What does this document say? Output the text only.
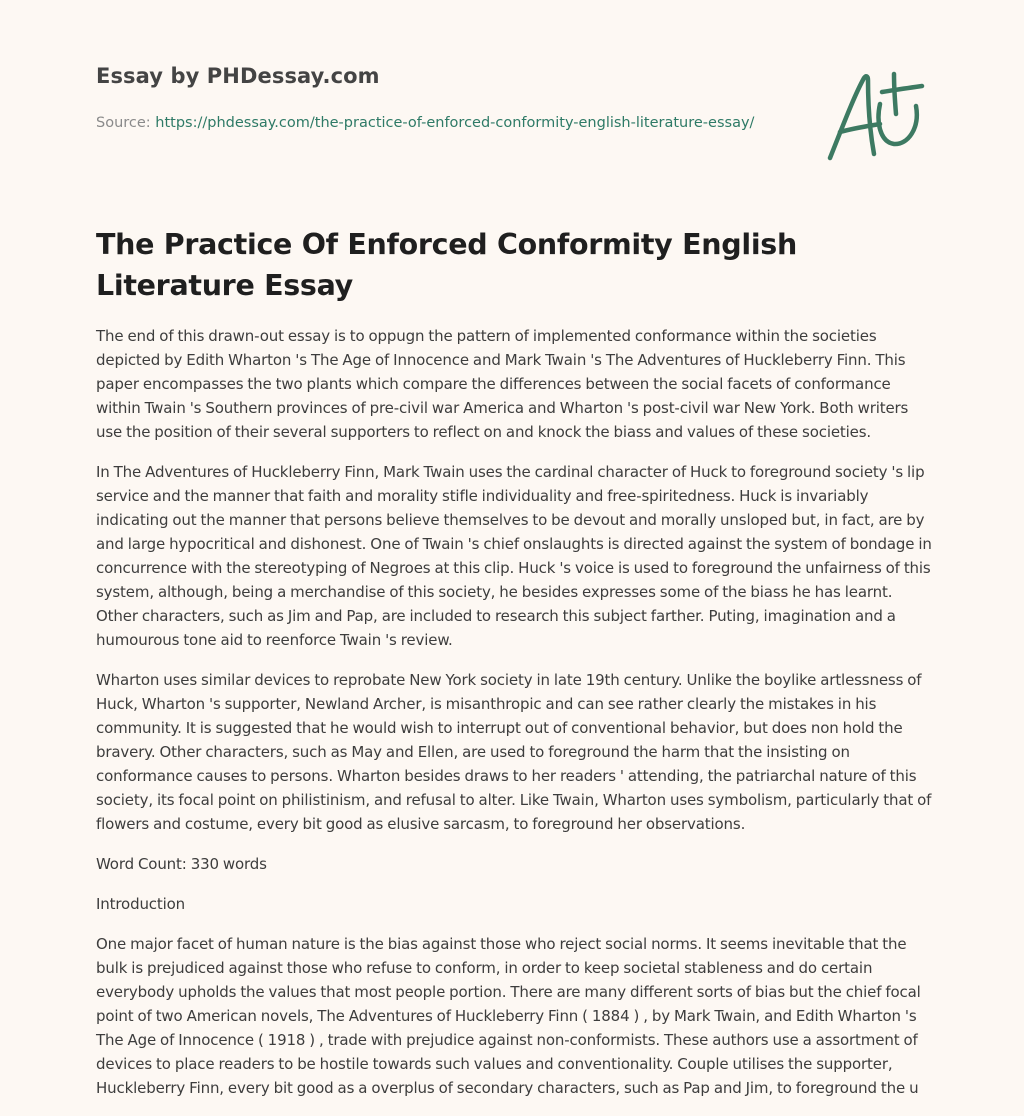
Essay by PHDessay.com
Source: https://phdessay.com/the-practice-of-enforced-conformity-english-literature-essay/
The Practice Of Enforced Conformity English Literature Essay

The end of this drawn-out essay is to oppugn the pattern of implemented conformance within the societies depicted by Edith Wharton 's The Age of Innocence and Mark Twain 's The Adventures of Huckleberry Finn. This paper encompasses the two plants which compare the differences between the social facets of conformance within Twain 's Southern provinces of pre-civil war America and Wharton 's post-civil war New York. Both writers use the position of their several supporters to reflect on and knock the biass and values of these societies.

In The Adventures of Huckleberry Finn, Mark Twain uses the cardinal character of Huck to foreground society 's lip service and the manner that faith and morality stifle individuality and free-spiritedness. Huck is invariably indicating out the manner that persons believe themselves to be devout and morally unsloped but, in fact, are by and large hypocritical and dishonest. One of Twain 's chief onslaughts is directed against the system of bondage in concurrence with the stereotyping of Negroes at this clip. Huck 's voice is used to foreground the unfairness of this system, although, being a merchandise of this society, he besides expresses some of the biass he has learnt. Other characters, such as Jim and Pap, are included to research this subject farther. Puting, imagination and a humourous tone aid to reenforce Twain 's review.

Wharton uses similar devices to reprobate New York society in late 19th century. Unlike the boylike artlessness of Huck, Wharton 's supporter, Newland Archer, is misanthropic and can see rather clearly the mistakes in his community. It is suggested that he would wish to interrupt out of conventional behavior, but does non hold the bravery. Other characters, such as May and Ellen, are used to foreground the harm that the insisting on conformance causes to persons. Wharton besides draws to her readers ' attending, the patriarchal nature of this society, its focal point on philistinism, and refusal to alter. Like Twain, Wharton uses symbolism, particularly that of flowers and costume, every bit good as elusive sarcasm, to foreground her observations.

Word Count: 330 words

Introduction

One major facet of human nature is the bias against those who reject social norms. It seems inevitable that the bulk is prejudiced against those who refuse to conform, in order to keep societal stableness and do certain everybody upholds the values that most people portion. There are many different sorts of bias but the chief focal point of two American novels, The Adventures of Huckleberry Finn ( 1884 ) , by Mark Twain, and Edith Wharton 's The Age of Innocence ( 1918 ) , trade with prejudice against non-conformists. These authors use a assortment of devices to place readers to be hostile towards such values and conventionality. Couple utilises the supporter, Huckleberry Finn, every bit good as a overplus of secondary characters, such as Pap and Jim, to foreground the u
